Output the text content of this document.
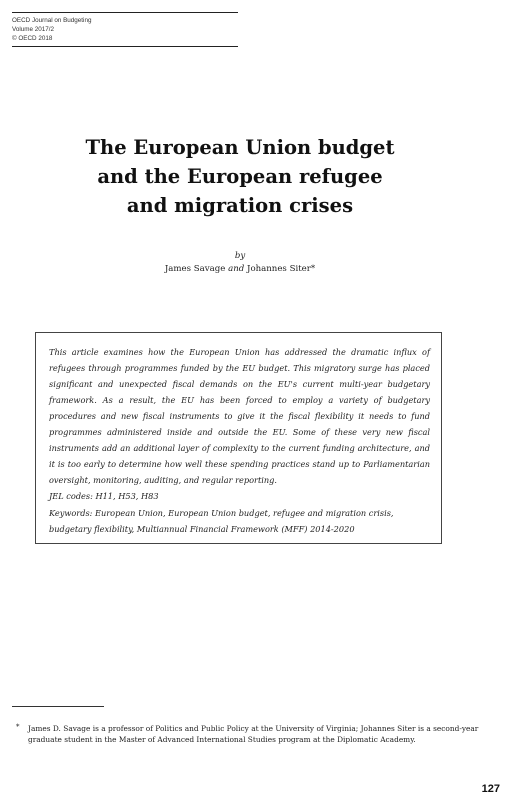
OECD Journal on Budgeting
Volume 2017/2
© OECD 2018
The European Union budget
and the European refugee
and migration crises
by
James Savage and Johannes Siter*

This article examines how the European Union has addressed the dramatic influx of refugees through programmes funded by the EU budget. This migratory surge has placed significant and unexpected fiscal demands on the EU's current multi-year budgetary framework. As a result, the EU has been forced to employ a variety of budgetary procedures and new fiscal instruments to give it the fiscal flexibility it needs to fund programmes administered inside and outside the EU. Some of these very new fiscal instruments add an additional layer of complexity to the current funding architecture, and it is too early to determine how well these spending practices stand up to Parliamentarian oversight, monitoring, auditing, and regular reporting.

JEL codes: H11, H53, H83
Keywords: European Union, European Union budget, refugee and migration crisis, budgetary flexibility, Multiannual Financial Framework (MFF) 2014-2020
* James D. Savage is a professor of Politics and Public Policy at the University of Virginia; Johannes Siter is a second-year graduate student in the Master of Advanced International Studies program at the Diplomatic Academy.
127
